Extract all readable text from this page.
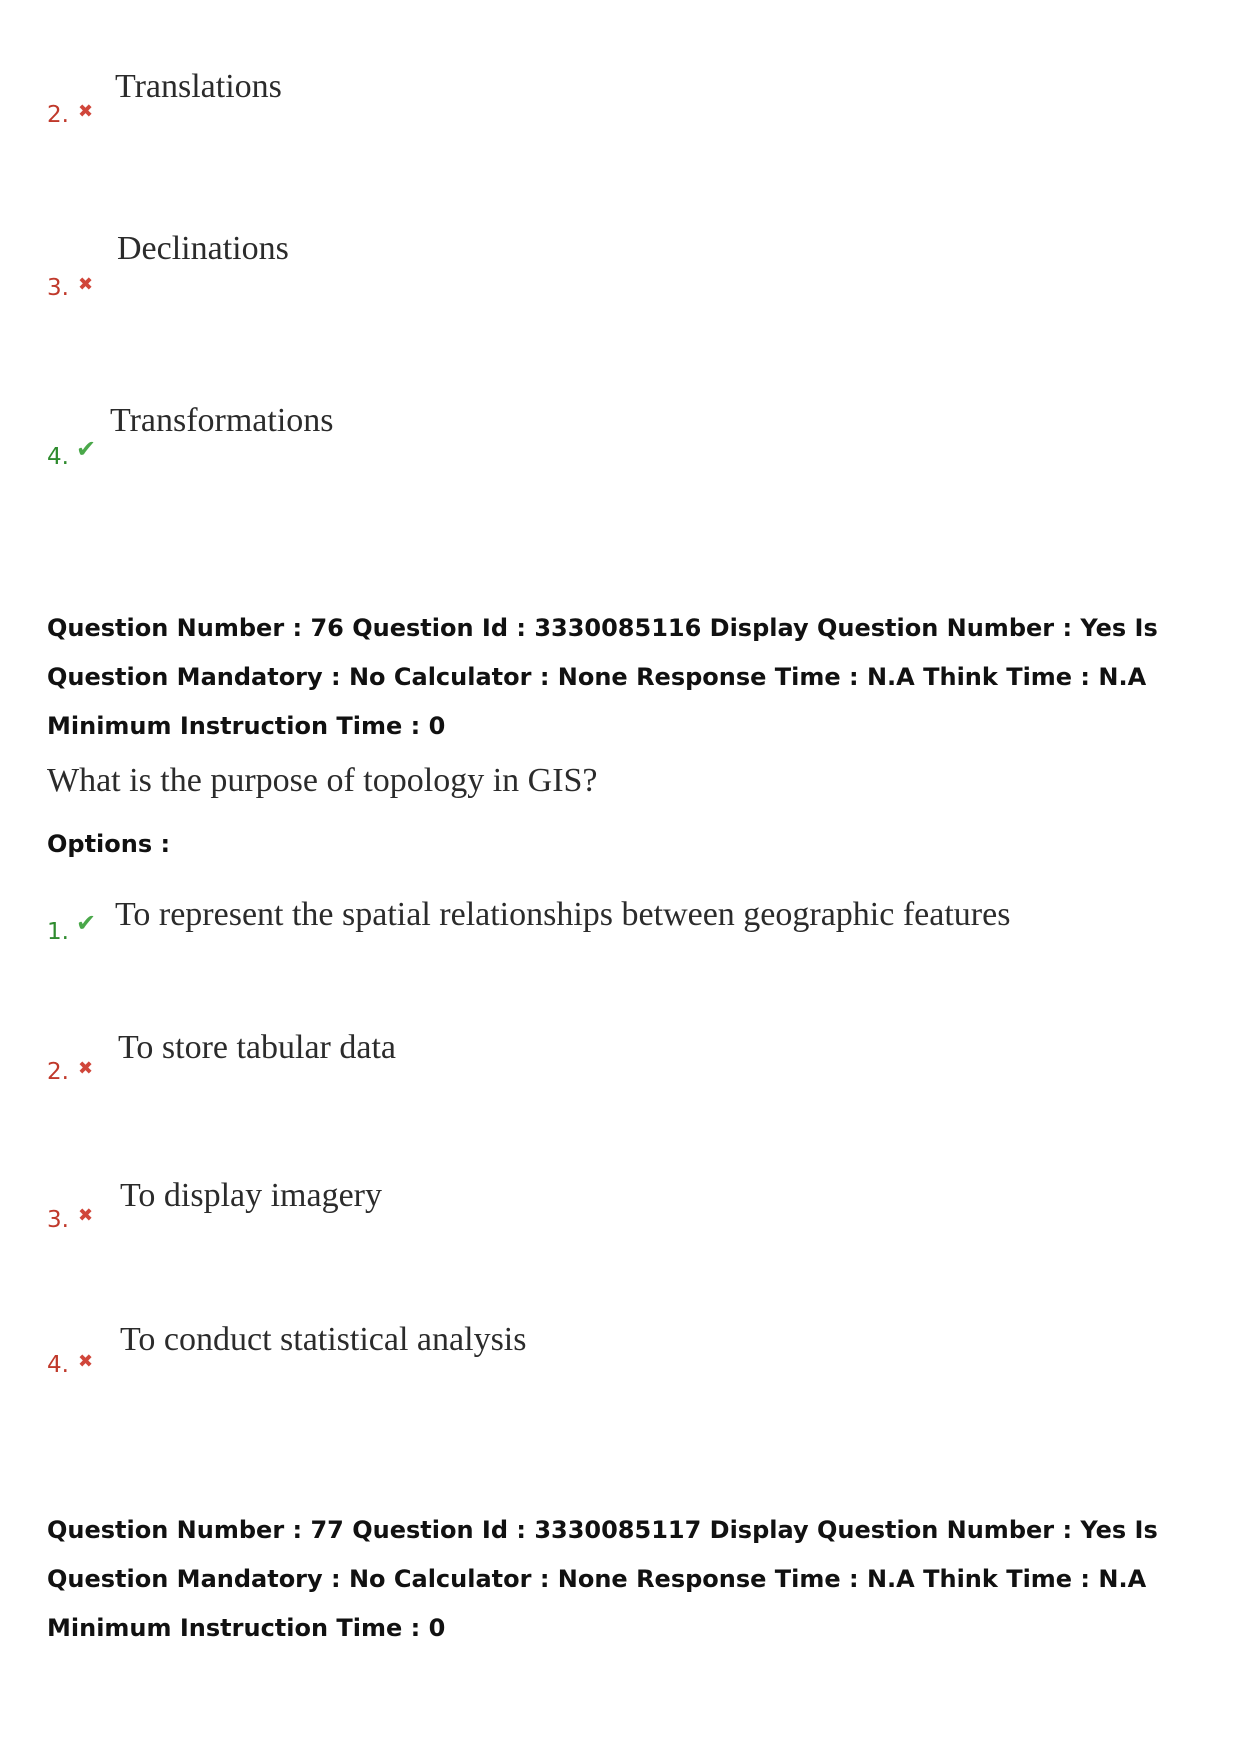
2. ✖
Translations
3. ✖
Declinations
4. ✔
Transformations
Question Number : 76 Question Id : 3330085116 Display Question Number : Yes Is Question Mandatory : No Calculator : None Response Time : N.A Think Time : N.A Minimum Instruction Time : 0
What is the purpose of topology in GIS?
Options :
1. ✔ To represent the spatial relationships between geographic features
2. ✖
To store tabular data
3. ✖
To display imagery
4. ✖
To conduct statistical analysis
Question Number : 77 Question Id : 3330085117 Display Question Number : Yes Is Question Mandatory : No Calculator : None Response Time : N.A Think Time : N.A Minimum Instruction Time : 0
